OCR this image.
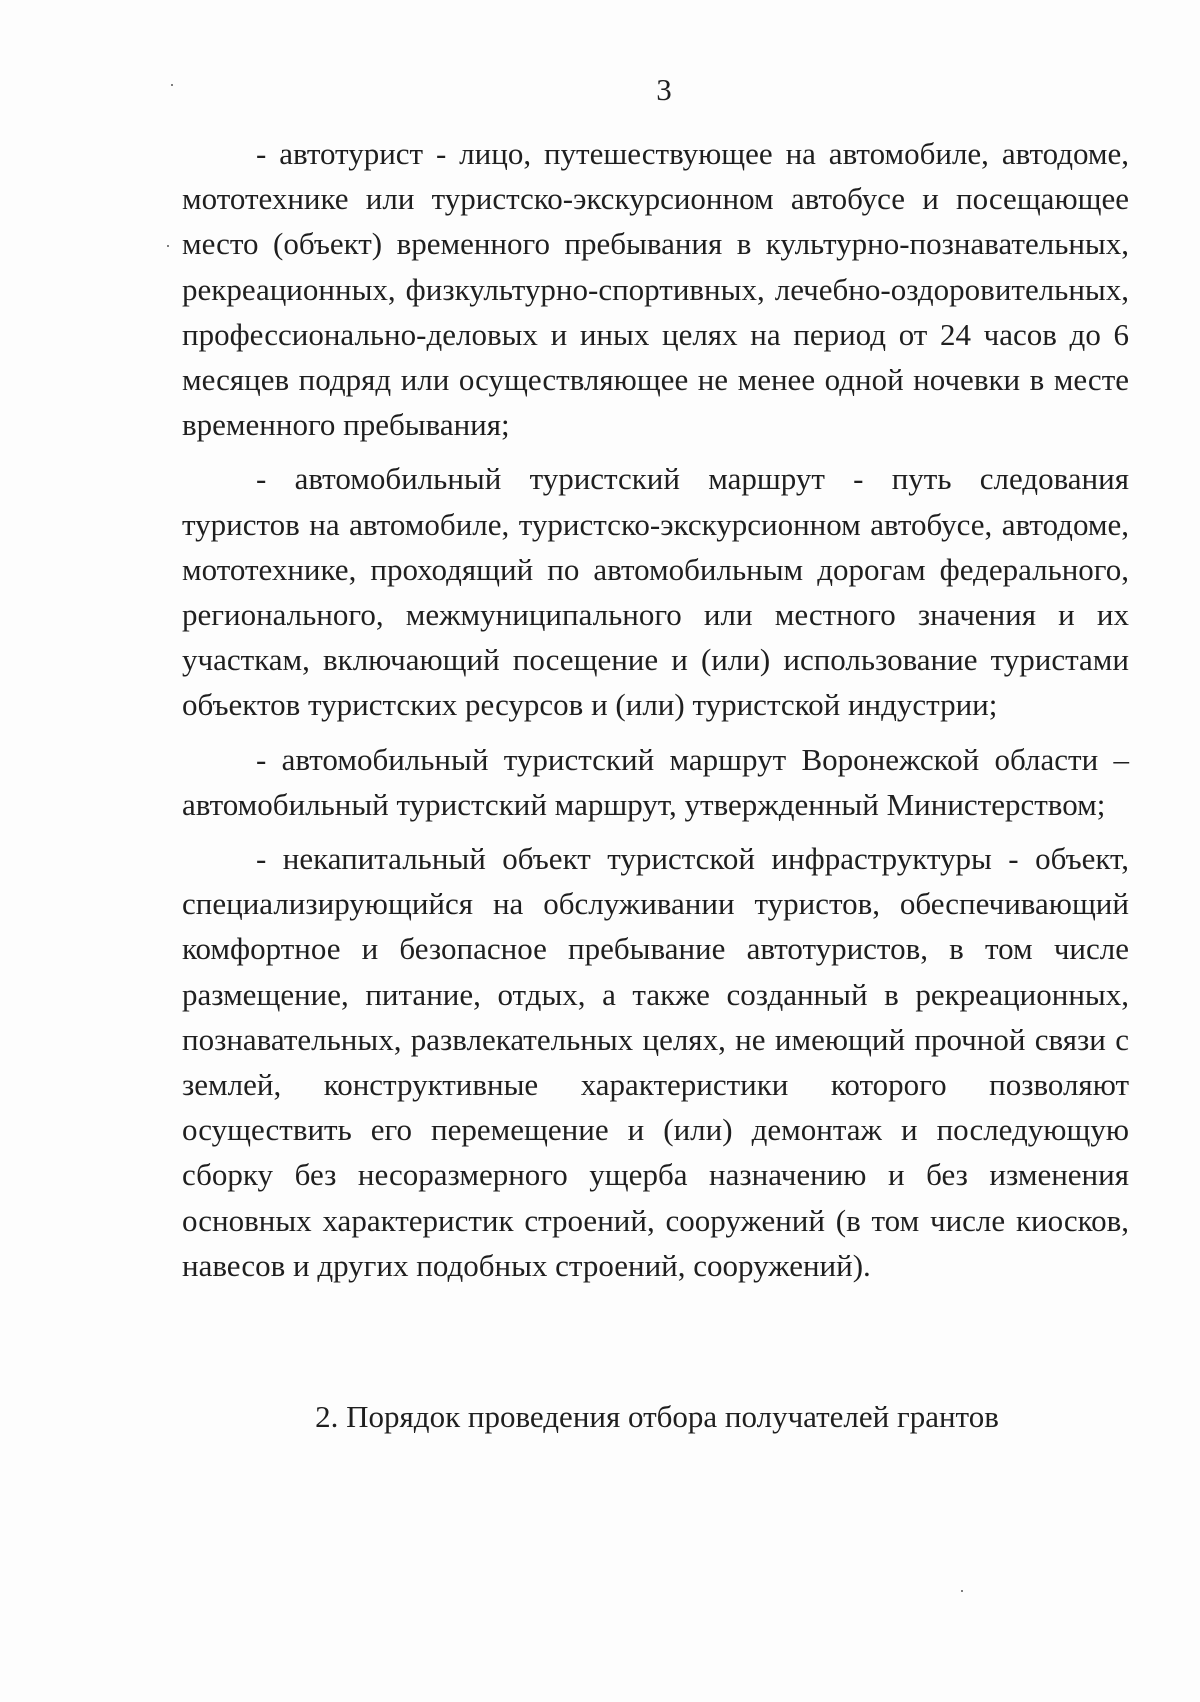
3

- автотурист - лицо, путешествующее на автомобиле, автодоме, мототехнике или туристско-экскурсионном автобусе и посещающее место (объект) временного пребывания в культурно-познавательных, рекреационных, физкультурно-спортивных, лечебно-оздоровительных, профессионально-деловых и иных целях на период от 24 часов до 6 месяцев подряд или осуществляющее не менее одной ночевки в месте временного пребывания;

- автомобильный туристский маршрут - путь следования туристов на автомобиле, туристско-экскурсионном автобусе, автодоме, мототехнике, проходящий по автомобильным дорогам федерального, регионального, межмуниципального или местного значения и их участкам, включающий посещение и (или) использование туристами объектов туристских ресурсов и (или) туристской индустрии;

- автомобильный туристский маршрут Воронежской области – автомобильный туристский маршрут, утвержденный Министерством;

- некапитальный объект туристской инфраструктуры - объект, специализирующийся на обслуживании туристов, обеспечивающий комфортное и безопасное пребывание автотуристов, в том числе размещение, питание, отдых, а также созданный в рекреационных, познавательных, развлекательных целях, не имеющий прочной связи с землей, конструктивные характеристики которого позволяют осуществить его перемещение и (или) демонтаж и последующую сборку без несоразмерного ущерба назначению и без изменения основных характеристик строений, сооружений (в том числе киосков, навесов и других подобных строений, сооружений).

2. Порядок проведения отбора получателей грантов
